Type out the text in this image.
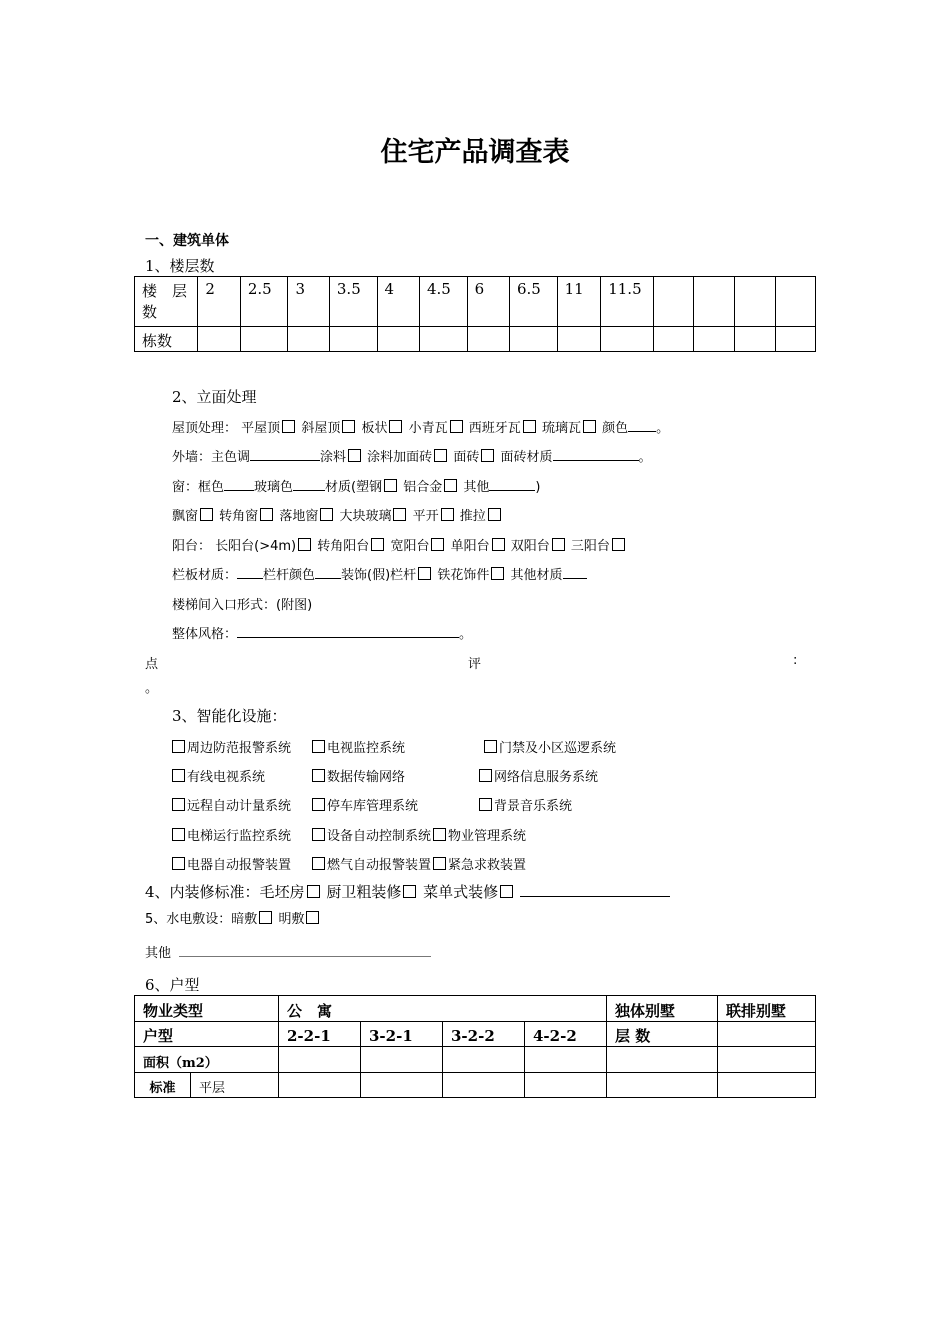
住宅产品调查表
一、建筑单体
1、楼层数
楼　层
数	2	2.5	3	3.5	4	4.5	6	6.5	11	11.5				
栋数														
2、立面处理
屋顶处理： 平屋顶 斜屋顶 板状 小青瓦 西班牙瓦 琉璃瓦 颜色 。
外墙：主色调	涂料 涂料加面砖 面砖 面砖材质	。
窗：框色 玻璃色 材质(塑钢 铝合金 其他	)
飘窗 转角窗 落地窗 大块玻璃 平开 推拉
阳台： 长阳台(>4m) 转角阳台 宽阳台 单阳台 双阳台 三阳台
栏板材质： 栏杆颜色 装饰(假)栏杆 铁花饰件 其他材质
楼梯间入口形式：(附图)
整体风格：	。
点	评	:
。
3、智能化设施：
周边防范报警系统	电视监控系统	门禁及小区巡逻系统
有线电视系统	数据传输网络	网络信息服务系统
远程自动计量系统	停车库管理系统	背景音乐系统
电梯运行监控系统	设备自动控制系统 物业管理系统
电器自动报警装置	燃气自动报警装置 紧急求救装置
4、内装修标准：毛坯房 厨卫粗装修 菜单式装修
5、水电敷设：暗敷 明敷
其他
6、户型
物业类型		公　寓				独体别墅	联排别墅
户型		2-2-1	3-2-1	3-2-2	4-2-2	层 数	
面积（m2）							
标准	平层						
